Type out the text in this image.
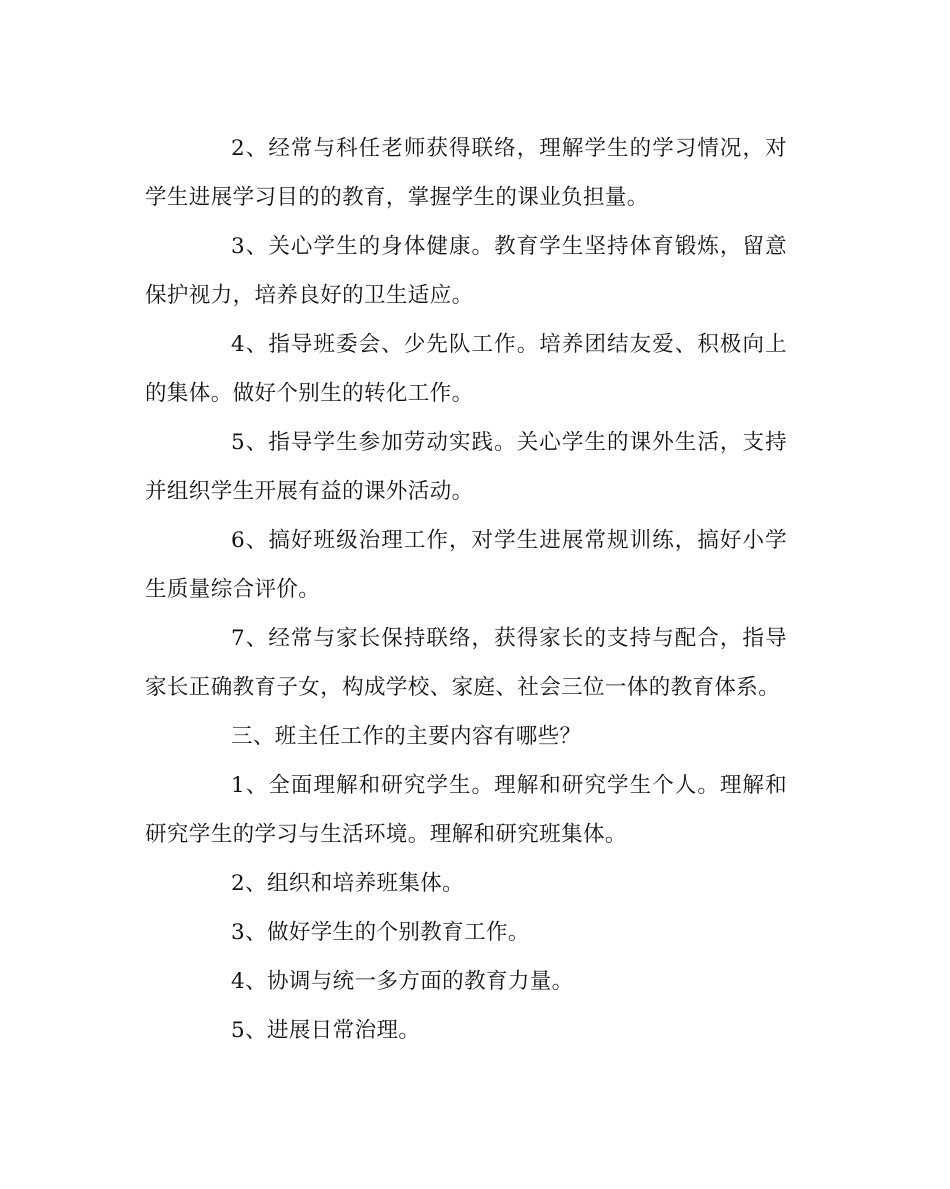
2、经常与科任老师获得联络，理解学生的学习情况，对学生进展学习目的的教育，掌握学生的课业负担量。

3、关心学生的身体健康。教育学生坚持体育锻炼，留意保护视力，培养良好的卫生适应。

4、指导班委会、少先队工作。培养团结友爱、积极向上的集体。做好个别生的转化工作。

5、指导学生参加劳动实践。关心学生的课外生活，支持并组织学生开展有益的课外活动。

6、搞好班级治理工作，对学生进展常规训练，搞好小学生质量综合评价。

7、经常与家长保持联络，获得家长的支持与配合，指导家长正确教育子女，构成学校、家庭、社会三位一体的教育体系。

三、班主任工作的主要内容有哪些？

1、全面理解和研究学生。理解和研究学生个人。理解和研究学生的学习与生活环境。理解和研究班集体。

2、组织和培养班集体。

3、做好学生的个别教育工作。

4、协调与统一多方面的教育力量。

5、进展日常治理。
